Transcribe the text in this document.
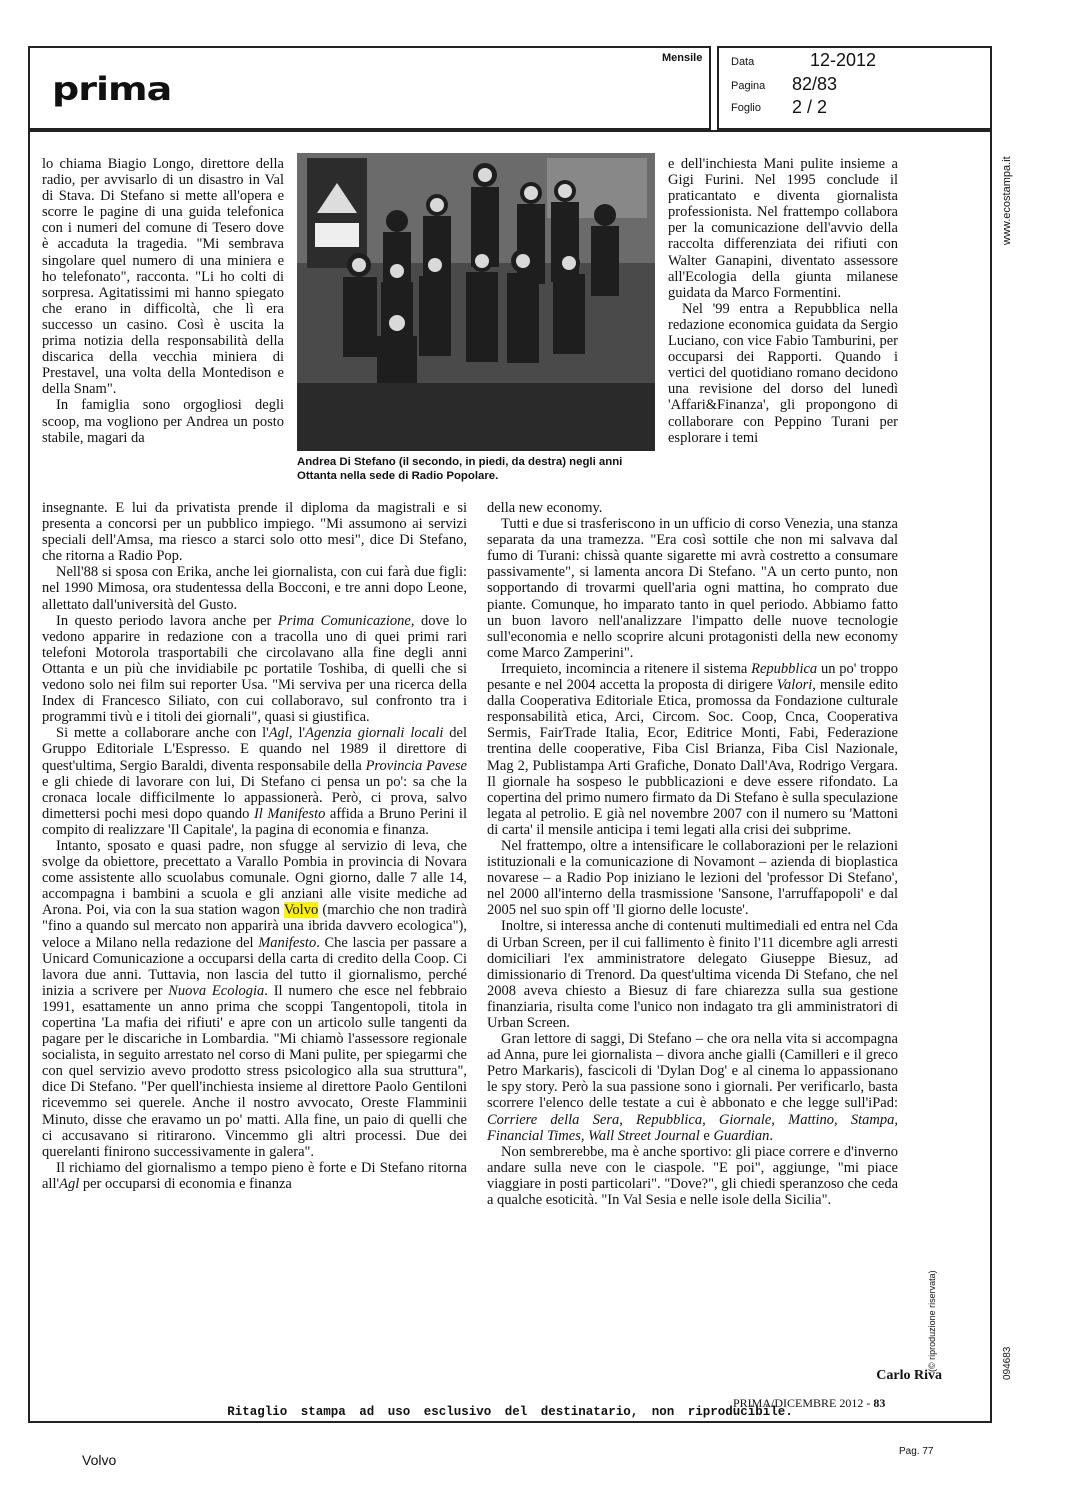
prima
Mensile	Data	12-2012
Pagina 82/83
Foglio 2 / 2
www.ecostampa.it
094683
(© riproduzione riservata)

lo chiama Biagio Longo, direttore della radio, per avvisarlo di un disastro in Val di Stava. Di Stefano si mette all'opera e scorre le pagine di una guida telefonica con i numeri del comune di Tesero dove è accaduta la tragedia. "Mi sembrava singolare quel numero di una miniera e ho telefonato", racconta. "Li ho colti di sorpresa. Agitatissimi mi hanno spiegato che erano in difficoltà, che lì era successo un casino. Così è uscita la prima notizia della responsabilità della discarica della vecchia miniera di Prestavel, una volta della Montedison e della Snam".

In famiglia sono orgogliosi degli scoop, ma vogliono per Andrea un posto stabile, magari da

Andrea Di Stefano (il secondo, in piedi, da destra) negli anni Ottanta nella sede di Radio Popolare.

e dell'inchiesta Mani pulite insieme a Gigi Furini. Nel 1995 conclude il praticantato e diventa giornalista professionista. Nel frattempo collabora per la comunicazione dell'avvio della raccolta differenziata dei rifiuti con Walter Ganapini, diventato assessore all'Ecologia della giunta milanese guidata da Marco Formentini.

Nel '99 entra a Repubblica nella redazione economica guidata da Sergio Luciano, con vice Fabio Tamburini, per occuparsi dei Rapporti. Quando i vertici del quotidiano romano decidono una revisione del dorso del lunedì 'Affari&Finanza', gli propongono di collaborare con Peppino Turani per esplorare i temi

insegnante. E lui da privatista prende il diploma da magistrali e si presenta a concorsi per un pubblico impiego. "Mi assumono ai servizi speciali dell'Amsa, ma riesco a starci solo otto mesi", dice Di Stefano, che ritorna a Radio Pop.

Nell'88 si sposa con Erika, anche lei giornalista, con cui farà due figli: nel 1990 Mimosa, ora studentessa della Bocconi, e tre anni dopo Leone, allettato dall'università del Gusto.

In questo periodo lavora anche per Prima Comunicazione, dove lo vedono apparire in redazione con a tracolla uno di quei primi rari telefoni Motorola trasportabili che circolavano alla fine degli anni Ottanta e un più che invidiabile pc portatile Toshiba, di quelli che si vedono solo nei film sui reporter Usa. "Mi serviva per una ricerca della Index di Francesco Siliato, con cui collaboravo, sul confronto tra i programmi tivù e i titoli dei giornali", quasi si giustifica.

Si mette a collaborare anche con l'Agl, l'Agenzia giornali locali del Gruppo Editoriale L'Espresso. E quando nel 1989 il direttore di quest'ultima, Sergio Baraldi, diventa responsabile della Provincia Pavese e gli chiede di lavorare con lui, Di Stefano ci pensa un po': sa che la cronaca locale difficilmente lo appassionerà. Però, ci prova, salvo dimettersi pochi mesi dopo quando Il Manifesto affida a Bruno Perini il compito di realizzare 'Il Capitale', la pagina di economia e finanza.

Intanto, sposato e quasi padre, non sfugge al servizio di leva, che svolge da obiettore, precettato a Varallo Pombia in provincia di Novara come assistente allo scuolabus comunale. Ogni giorno, dalle 7 alle 14, accompagna i bambini a scuola e gli anziani alle visite mediche ad Arona. Poi, via con la sua station wagon Volvo (marchio che non tradirà "fino a quando sul mercato non apparirà una ibrida davvero ecologica"), veloce a Milano nella redazione del Manifesto. Che lascia per passare a Unicard Comunicazione a occuparsi della carta di credito della Coop. Ci lavora due anni. Tuttavia, non lascia del tutto il giornalismo, perché inizia a scrivere per Nuova Ecologia. Il numero che esce nel febbraio 1991, esattamente un anno prima che scoppi Tangentopoli, titola in copertina 'La mafia dei rifiuti' e apre con un articolo sulle tangenti da pagare per le discariche in Lombardia. "Mi chiamò l'assessore regionale socialista, in seguito arrestato nel corso di Mani pulite, per spiegarmi che con quel servizio avevo prodotto stress psicologico alla sua struttura", dice Di Stefano. "Per quell'inchiesta insieme al direttore Paolo Gentiloni ricevemmo sei querele. Anche il nostro avvocato, Oreste Flamminii Minuto, disse che eravamo un po' matti. Alla fine, un paio di quelli che ci accusavano si ritirarono. Vincemmo gli altri processi. Due dei querelanti finirono successivamente in galera".

Il richiamo del giornalismo a tempo pieno è forte e Di Stefano ritorna all'Agl per occuparsi di economia e finanza

della new economy.

Tutti e due si trasferiscono in un ufficio di corso Venezia, una stanza separata da una tramezza. "Era così sottile che non mi salvava dal fumo di Turani: chissà quante sigarette mi avrà costretto a consumare passivamente", si lamenta ancora Di Stefano. "A un certo punto, non sopportando di trovarmi quell'aria ogni mattina, ho comprato due piante. Comunque, ho imparato tanto in quel periodo. Abbiamo fatto un buon lavoro nell'analizzare l'impatto delle nuove tecnologie sull'economia e nello scoprire alcuni protagonisti della new economy come Marco Zamperini".

Irrequieto, incomincia a ritenere il sistema Repubblica un po' troppo pesante e nel 2004 accetta la proposta di dirigere Valori, mensile edito dalla Cooperativa Editoriale Etica, promossa da Fondazione culturale responsabilità etica, Arci, Circom. Soc. Coop, Cnca, Cooperativa Sermis, FairTrade Italia, Ecor, Editrice Monti, Fabi, Federazione trentina delle cooperative, Fiba Cisl Brianza, Fiba Cisl Nazionale, Mag 2, Publistampa Arti Grafiche, Donato Dall'Ava, Rodrigo Vergara. Il giornale ha sospeso le pubblicazioni e deve essere rifondato. La copertina del primo numero firmato da Di Stefano è sulla speculazione legata al petrolio. E già nel novembre 2007 con il numero su 'Mattoni di carta' il mensile anticipa i temi legati alla crisi dei subprime.

Nel frattempo, oltre a intensificare le collaborazioni per le relazioni istituzionali e la comunicazione di Novamont – azienda di bioplastica novarese – a Radio Pop iniziano le lezioni del 'professor Di Stefano', nel 2000 all'interno della trasmissione 'Sansone, l'arruffapopoli' e dal 2005 nel suo spin off 'Il giorno delle locuste'.

Inoltre, si interessa anche di contenuti multimediali ed entra nel Cda di Urban Screen, per il cui fallimento è finito l'11 dicembre agli arresti domiciliari l'ex amministratore delegato Giuseppe Biesuz, ad dimissionario di Trenord. Da quest'ultima vicenda Di Stefano, che nel 2008 aveva chiesto a Biesuz di fare chiarezza sulla sua gestione finanziaria, risulta come l'unico non indagato tra gli amministratori di Urban Screen.

Gran lettore di saggi, Di Stefano – che ora nella vita si accompagna ad Anna, pure lei giornalista – divora anche gialli (Camilleri e il greco Petro Markaris), fascicoli di 'Dylan Dog' e al cinema lo appassionano le spy story. Però la sua passione sono i giornali. Per verificarlo, basta scorrere l'elenco delle testate a cui è abbonato e che legge sull'iPad: Corriere della Sera, Repubblica, Giornale, Mattino, Stampa, Financial Times, Wall Street Journal e Guardian.

Non sembrerebbe, ma è anche sportivo: gli piace correre e d'inverno andare sulla neve con le ciaspole. "E poi", aggiunge, "mi piace viaggiare in posti particolari". "Dove?", gli chiedi speranzoso che ceda a qualche esoticità. "In Val Sesia e nelle isole della Sicilia".

Carlo Riva
PRIMA/DICEMBRE 2012 - 83
Ritaglio stampa ad uso esclusivo del destinatario, non riproducibile.
Volvo
Pag. 77
